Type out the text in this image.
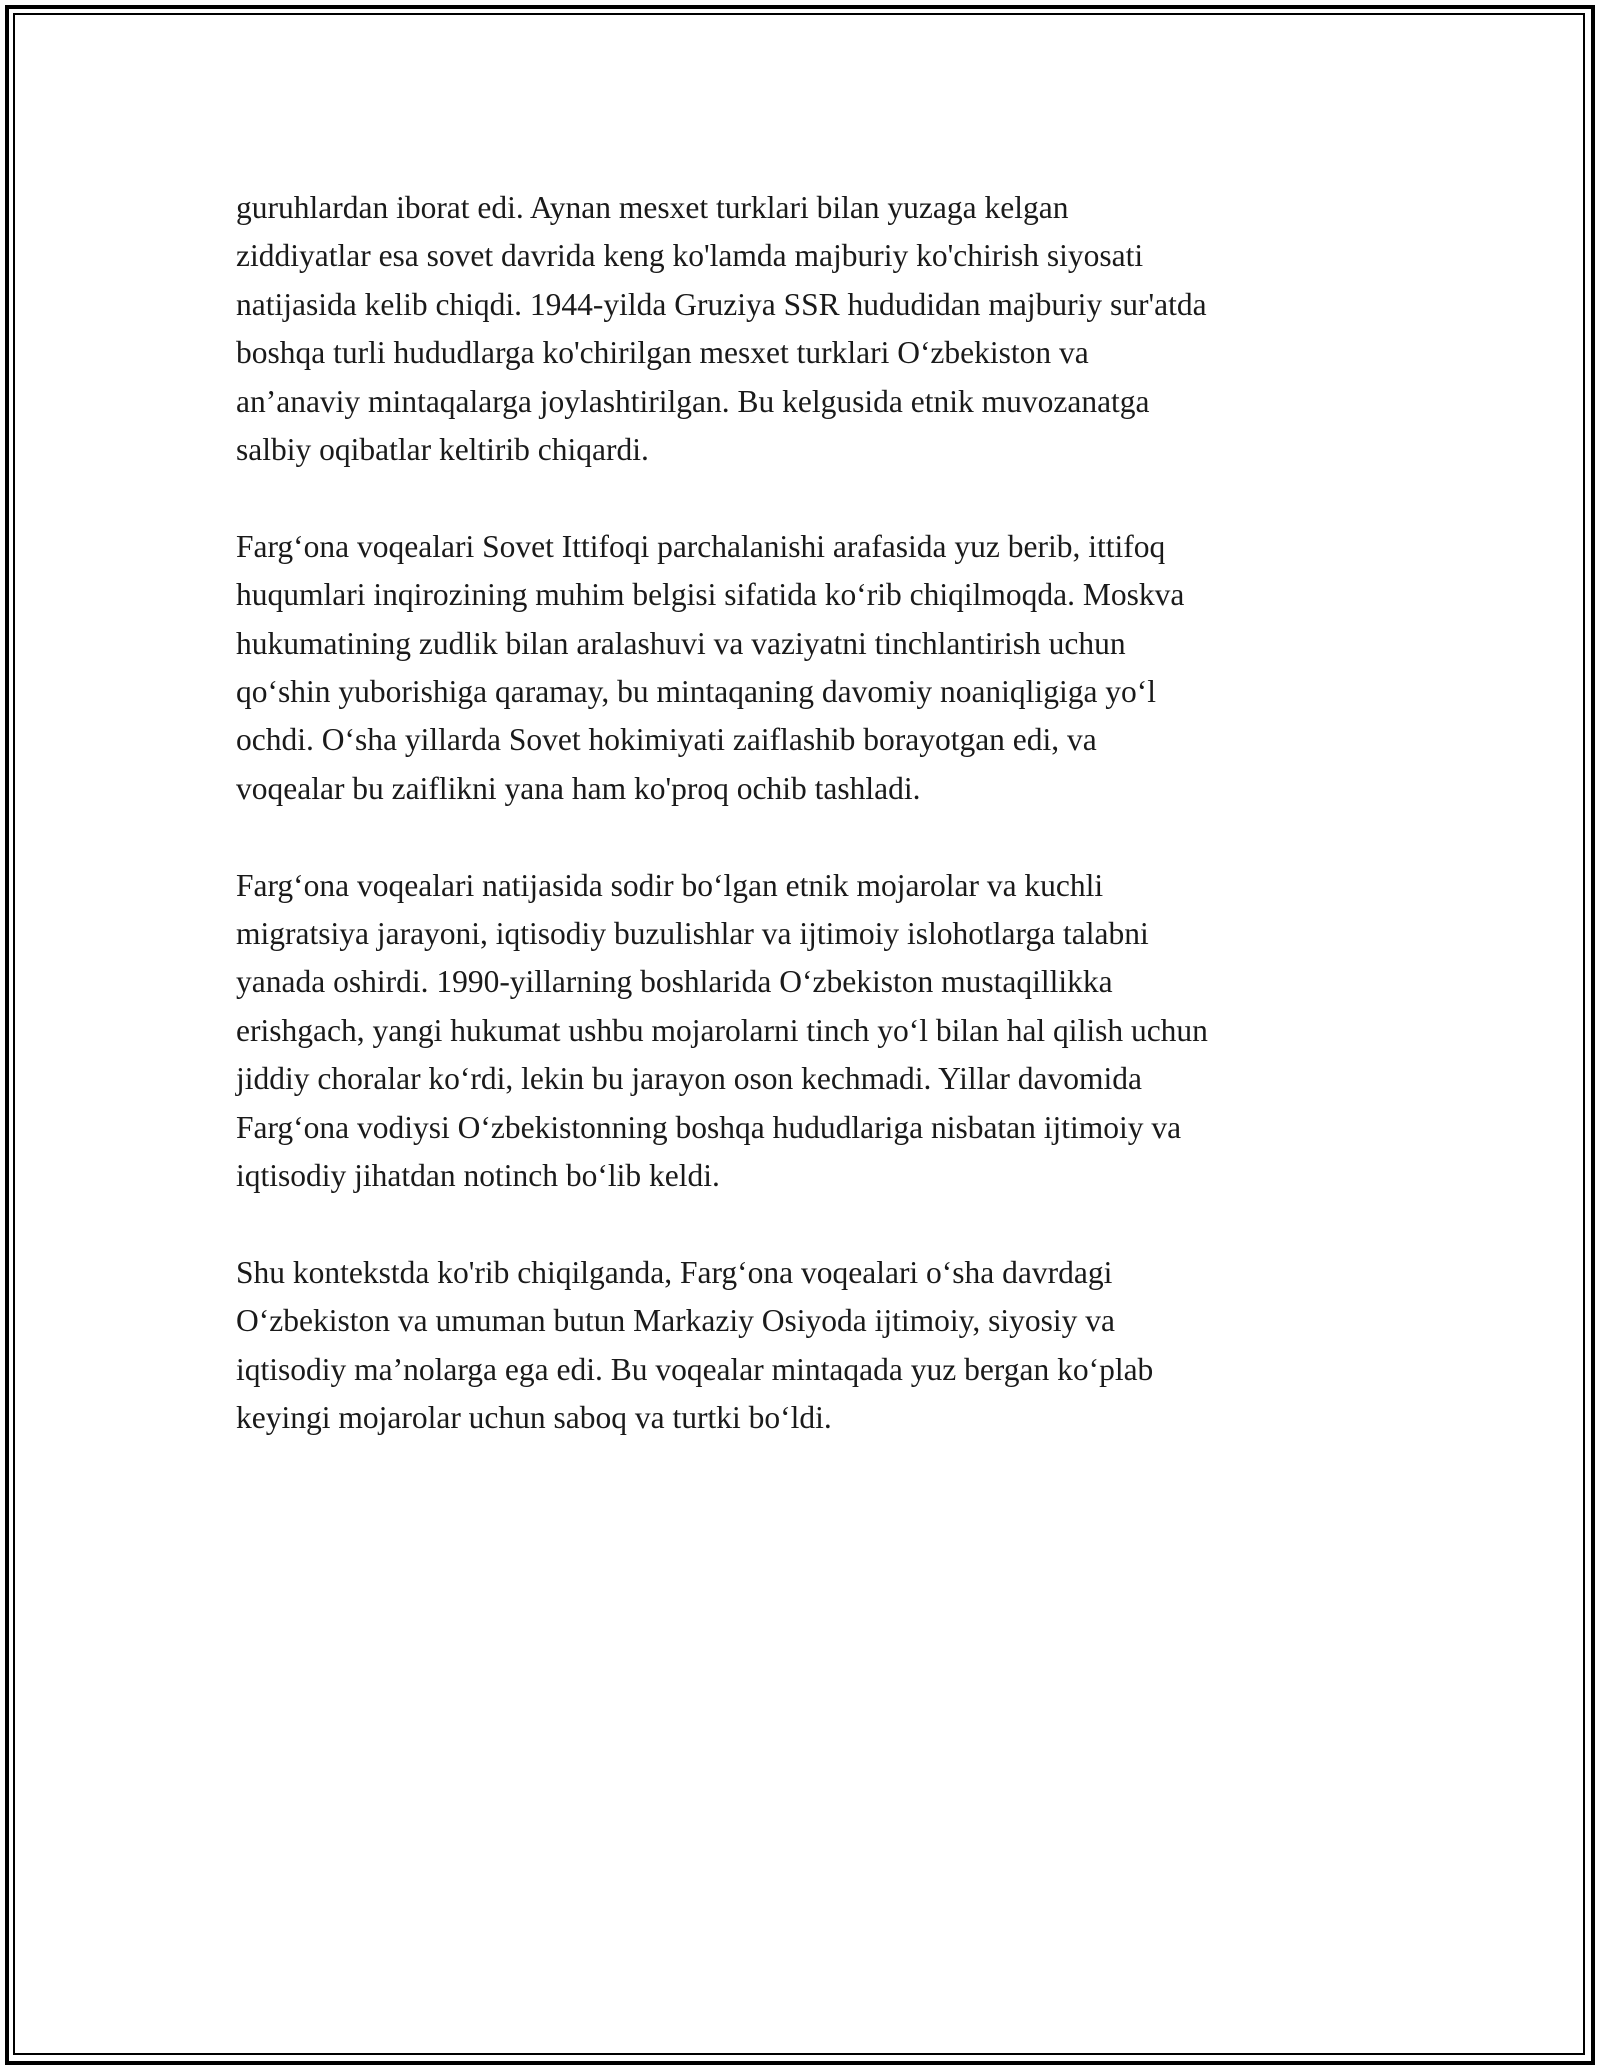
guruhlardan iborat edi. Aynan mesxet turklari bilan yuzaga kelgan
ziddiyatlar esa sovet davrida keng ko'lamda majburiy ko'chirish siyosati
natijasida kelib chiqdi. 1944-yilda Gruziya SSR hududidan majburiy sur'atda
boshqa turli hududlarga ko'chirilgan mesxet turklari O‘zbekiston va
an’anaviy mintaqalarga joylashtirilgan. Bu kelgusida etnik muvozanatga
salbiy oqibatlar keltirib chiqardi.

Farg‘ona voqealari Sovet Ittifoqi parchalanishi arafasida yuz berib, ittifoq
huqumlari inqirozining muhim belgisi sifatida ko‘rib chiqilmoqda. Moskva
hukumatining zudlik bilan aralashuvi va vaziyatni tinchlantirish uchun
qo‘shin yuborishiga qaramay, bu mintaqaning davomiy noaniqligiga yo‘l
ochdi. O‘sha yillarda Sovet hokimiyati zaiflashib borayotgan edi, va
voqealar bu zaiflikni yana ham ko'proq ochib tashladi.

Farg‘ona voqealari natijasida sodir bo‘lgan etnik mojarolar va kuchli
migratsiya jarayoni, iqtisodiy buzulishlar va ijtimoiy islohotlarga talabni
yanada oshirdi. 1990-yillarning boshlarida O‘zbekiston mustaqillikka
erishgach, yangi hukumat ushbu mojarolarni tinch yo‘l bilan hal qilish uchun
jiddiy choralar ko‘rdi, lekin bu jarayon oson kechmadi. Yillar davomida
Farg‘ona vodiysi O‘zbekistonning boshqa hududlariga nisbatan ijtimoiy va
iqtisodiy jihatdan notinch bo‘lib keldi.

Shu kontekstda ko'rib chiqilganda, Farg‘ona voqealari o‘sha davrdagi
O‘zbekiston va umuman butun Markaziy Osiyoda ijtimoiy, siyosiy va
iqtisodiy ma’nolarga ega edi. Bu voqealar mintaqada yuz bergan ko‘plab
keyingi mojarolar uchun saboq va turtki bo‘ldi.
